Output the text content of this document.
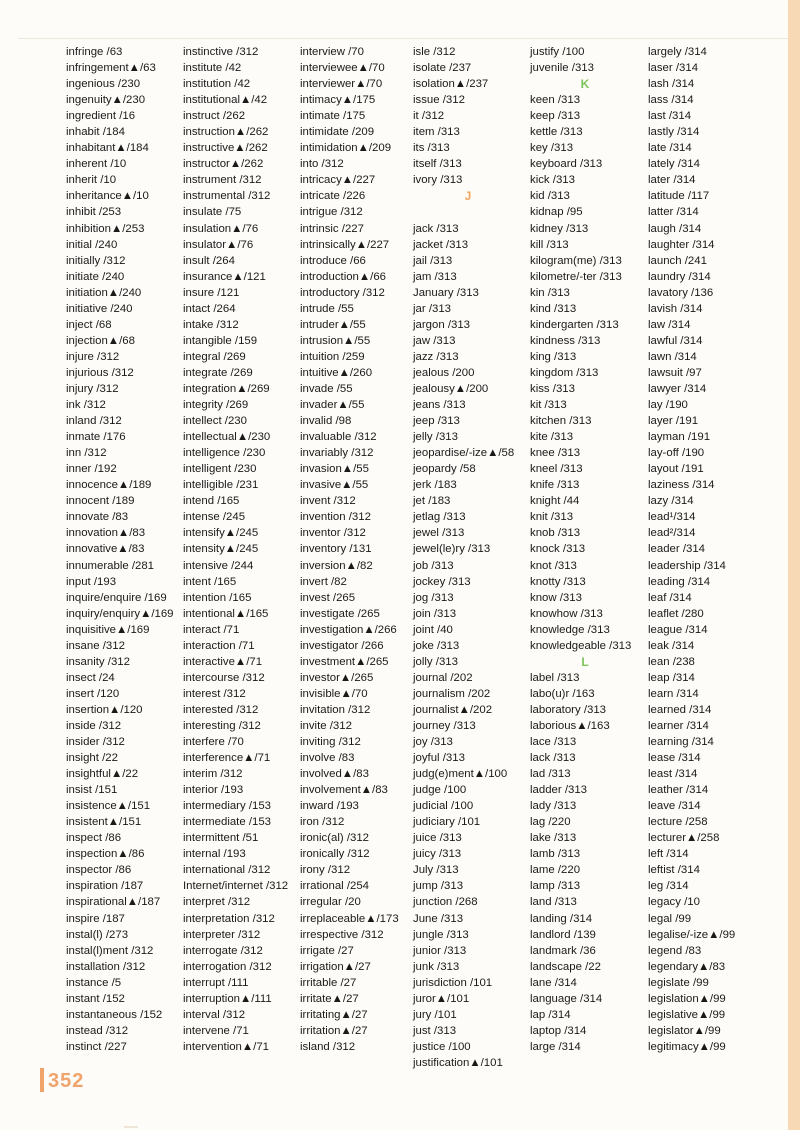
infringe /63
infringement▲/63
ingenious /230
ingenuity▲/230
ingredient /16
inhabit /184
inhabitant▲/184
inherent /10
inherit /10
inheritance▲/10
inhibit /253
inhibition▲/253
initial /240
initially /312
initiate /240
initiation▲/240
initiative /240
inject /68
injection▲/68
injure /312
injurious /312
injury /312
ink /312
inland /312
inmate /176
inn /312
inner /192
innocence▲/189
innocent /189
innovate /83
innovation▲/83
innovative▲/83
innumerable /281
input /193
inquire/enquire /169
inquiry/enquiry▲/169
inquisitive▲/169
insane /312
insanity /312
insect /24
insert /120
insertion▲/120
inside /312
insider /312
insight /22
insightful▲/22
insist /151
insistence▲/151
insistent▲/151
inspect /86
inspection▲/86
inspector /86
inspiration /187
inspirational▲/187
inspire /187
instal(l) /273
instal(l)ment /312
installation /312
instance /5
instant /152
instantaneous /152
instead /312
instinct /227
instinctive /312
institute /42
institution /42
institutional▲/42
instruct /262
instruction▲/262
instructive▲/262
instructor▲/262
instrument /312
instrumental /312
insulate /75
insulation▲/76
insulator▲/76
insult /264
insurance▲/121
insure /121
intact /264
intake /312
intangible /159
integral /269
integrate /269
integration▲/269
integrity /269
intellect /230
intellectual▲/230
intelligence /230
intelligent /230
intelligible /231
intend /165
intense /245
intensify▲/245
intensity▲/245
intensive /244
intent /165
intention /165
intentional▲/165
interact /71
interaction /71
interactive▲/71
intercourse /312
interest /312
interested /312
interesting /312
interfere /70
interference▲/71
interim /312
interior /193
intermediary /153
intermediate /153
intermittent /51
internal /193
international /312
Internet/internet /312
interpret /312
interpretation /312
interpreter /312
interrogate /312
interrogation /312
interrupt /111
interruption▲/111
interval /312
intervene /71
intervention▲/71
interview /70
interviewee▲/70
interviewer▲/70
intimacy▲/175
intimate /175
intimidate /209
intimidation▲/209
into /312
intricacy▲/227
intricate /226
intrigue /312
intrinsic /227
intrinsically▲/227
introduce /66
introduction▲/66
introductory /312
intrude /55
intruder▲/55
intrusion▲/55
intuition /259
intuitive▲/260
invade /55
invader▲/55
invalid /98
invaluable /312
invariably /312
invasion▲/55
invasive▲/55
invent /312
invention /312
inventor /312
inventory /131
inversion▲/82
invert /82
invest /265
investigate /265
investigation▲/266
investigator /266
investment▲/265
investor▲/265
invisible▲/70
invitation /312
invite /312
inviting /312
involve /83
involved▲/83
involvement▲/83
inward /193
iron /312
ironic(al) /312
ironically /312
irony /312
irrational /254
irregular /20
irreplaceable▲/173
irrespective /312
irrigate /27
irrigation▲/27
irritable /27
irritate▲/27
irritating▲/27
irritation▲/27
island /312
isle /312
isolate /237
isolation▲/237
issue /312
it /312
item /313
its /313
itself /313
ivory /313
J
jack /313
jacket /313
jail /313
jam /313
January /313
jar /313
jargon /313
jaw /313
jazz /313
jealous /200
jealousy▲/200
jeans /313
jeep /313
jelly /313
jeopardise/-ize▲/58
jeopardy /58
jerk /183
jet /183
jetlag /313
jewel /313
jewel(le)ry /313
job /313
jockey /313
jog /313
join /313
joint /40
joke /313
jolly /313
journal /202
journalism /202
journalist▲/202
journey /313
joy /313
joyful /313
judg(e)ment▲/100
judge /100
judicial /100
judiciary /101
juice /313
juicy /313
July /313
jump /313
junction /268
June /313
jungle /313
junior /313
junk /313
jurisdiction /101
juror▲/101
jury /101
just /313
justice /100
justification▲/101
justify /100
juvenile /313
K
keen /313
keep /313
kettle /313
key /313
keyboard /313
kick /313
kid /313
kidnap /95
kidney /313
kill /313
kilogram(me) /313
kilometre/-ter /313
kin /313
kind /313
kindergarten /313
kindness /313
king /313
kingdom /313
kiss /313
kit /313
kitchen /313
kite /313
knee /313
kneel /313
knife /313
knight /44
knit /313
knob /313
knock /313
knot /313
knotty /313
know /313
knowhow /313
knowledge /313
knowledgeable /313
L
label /313
labo(u)r /163
laboratory /313
laborious▲/163
lace /313
lack /313
lad /313
ladder /313
lady /313
lag /220
lake /313
lamb /313
lame /220
lamp /313
land /313
landing /314
landlord /139
landmark /36
landscape /22
lane /314
language /314
lap /314
laptop /314
large /314
largely /314
laser /314
lash /314
lass /314
last /314
lastly /314
late /314
lately /314
later /314
latitude /117
latter /314
laugh /314
laughter /314
launch /241
laundry /314
lavatory /136
lavish /314
law /314
lawful /314
lawn /314
lawsuit /97
lawyer /314
lay /190
layer /191
layman /191
lay-off /190
layout /191
laziness /314
lazy /314
lead¹/314
lead²/314
leader /314
leadership /314
leading /314
leaf /314
leaflet /280
league /314
leak /314
lean /238
leap /314
learn /314
learned /314
learner /314
learning /314
lease /314
least /314
leather /314
leave /314
lecture /258
lecturer▲/258
left /314
leftist /314
leg /314
legacy /10
legal /99
legalise/-ize▲/99
legend /83
legendary▲/83
legislate /99
legislation▲/99
legislative▲/99
legislator▲/99
legitimacy▲/99
352
